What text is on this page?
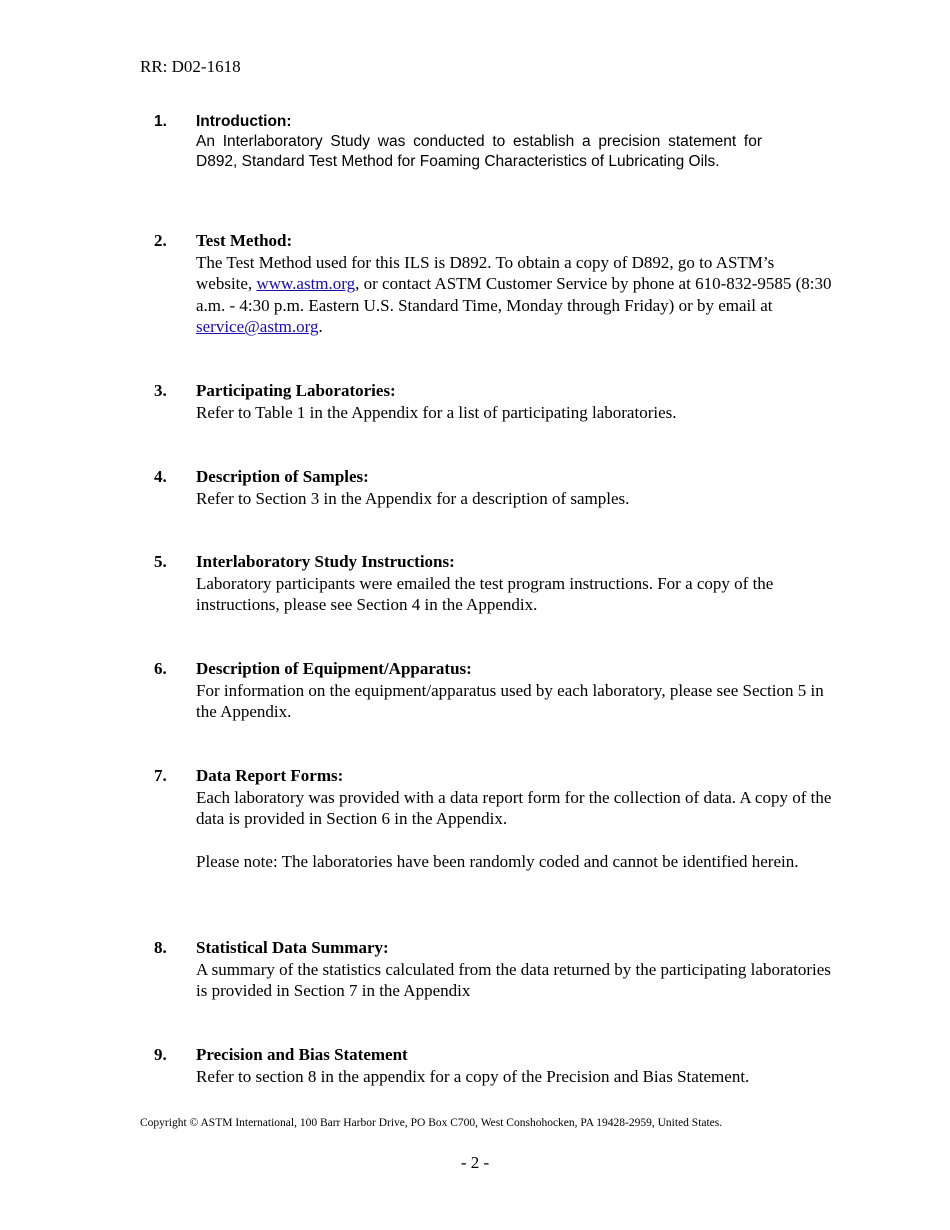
RR: D02-1618
1. Introduction:
An Interlaboratory Study was conducted to establish a precision statement for D892, Standard Test Method for Foaming Characteristics of Lubricating Oils.
2. Test Method:
The Test Method used for this ILS is D892. To obtain a copy of D892, go to ASTM’s website, www.astm.org, or contact ASTM Customer Service by phone at 610-832-9585 (8:30 a.m. - 4:30 p.m. Eastern U.S. Standard Time, Monday through Friday) or by email at service@astm.org.
3. Participating Laboratories:
Refer to Table 1 in the Appendix for a list of participating laboratories.
4. Description of Samples:
Refer to Section 3 in the Appendix for a description of samples.
5. Interlaboratory Study Instructions:
Laboratory participants were emailed the test program instructions. For a copy of the instructions, please see Section 4 in the Appendix.
6. Description of Equipment/Apparatus:
For information on the equipment/apparatus used by each laboratory, please see Section 5 in the Appendix.
7. Data Report Forms:
Each laboratory was provided with a data report form for the collection of data. A copy of the data is provided in Section 6 in the Appendix.
Please note: The laboratories have been randomly coded and cannot be identified herein.
8. Statistical Data Summary:
A summary of the statistics calculated from the data returned by the participating laboratories is provided in Section 7 in the Appendix
9. Precision and Bias Statement
Refer to section 8 in the appendix for a copy of the Precision and Bias Statement.
Copyright © ASTM International, 100 Barr Harbor Drive, PO Box C700, West Conshohocken, PA 19428-2959, United States.
- 2 -
